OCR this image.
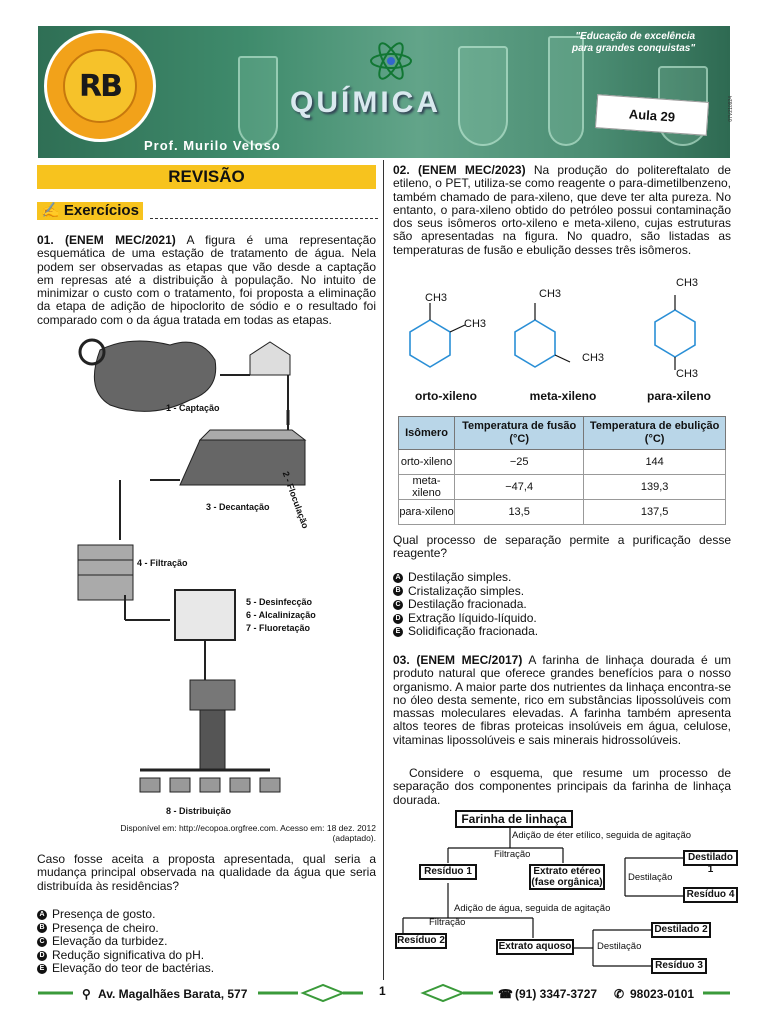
"Educação de excelência
para grandes conquistas"
QUÍMICA
Prof. Murilo Veloso
Aula 29	07V210924
RB
REVISÃO
✍ Exercícios
01. (ENEM MEC/2021) A figura é uma representação esquemática de uma estação de tratamento de água. Nela podem ser observadas as etapas que vão desde a captação em represas até a distribuição à população. No intuito de minimizar o custo com o tratamento, foi proposta a eliminação da etapa de adição de hipoclorito de sódio e o resultado foi comparado com o da água tratada em todas as etapas.
1 - Captação
2 - Floculação
3 - Decantação
4 - Filtração
5 - Desinfecção
6 - Alcalinização
7 - Fluoretação
8 - Distribuição
Disponível em: http://ecopoa.orgfree.com. Acesso em: 18 dez. 2012
(adaptado).
Caso fosse aceita a proposta apresentada, qual seria a mudança principal observada na qualidade da água que seria distribuída às residências?
A Presença de gosto.
B Presença de cheiro.
C Elevação da turbidez.
D Redução significativa do pH.
E Elevação do teor de bactérias.
02. (ENEM MEC/2023) Na produção do politereftalato de etileno, o PET, utiliza-se como reagente o para-dimetilbenzeno, também chamado de para-xileno, que deve ter alta pureza. No entanto, o para-xileno obtido do petróleo possui contaminação dos seus isômeros orto-xileno e meta-xileno, cujas estruturas são apresentadas na figura. No quadro, são listadas as temperaturas de fusão e ebulição desses três isômeros.
CH3
CH3
CH3
CH3
CH3
CH3
orto-xileno	meta-xileno	para-xileno
Isômero	Temperatura de fusão (°C)	Temperatura de ebulição (°C)
orto-xileno	−25	144
meta-xileno	−47,4	139,3
para-xileno	13,5	137,5
Qual processo de separação permite a purificação desse reagente?
A Destilação simples.
B Cristalização simples.
C Destilação fracionada.
D Extração líquido-líquido.
E Solidificação fracionada.
03. (ENEM MEC/2017) A farinha de linhaça dourada é um produto natural que oferece grandes benefícios para o nosso organismo. A maior parte dos nutrientes da linhaça encontra-se no óleo desta semente, rico em substâncias lipossolúveis com massas moleculares elevadas. A farinha também apresenta altos teores de fibras proteicas insolúveis em água, celulose, vitaminas lipossolúveis e sais minerais hidrossolúveis.
Considere o esquema, que resume um processo de separação dos componentes principais da farinha de linhaça dourada.
Farinha de linhaça
Adição de éter etílico, seguida de agitação
Filtração
Resíduo 1	Extrato etéreo (fase orgânica)	Destilação
Destilado 1
Resíduo 4
Adição de água, seguida de agitação
Filtração
Resíduo 2
Extrato aquoso	Destilação
Destilado 2
Resíduo 3
⚲ Av. Magalhães Barata, 577	1	☎ (91) 3347-3727 ✆ 98023-0101
